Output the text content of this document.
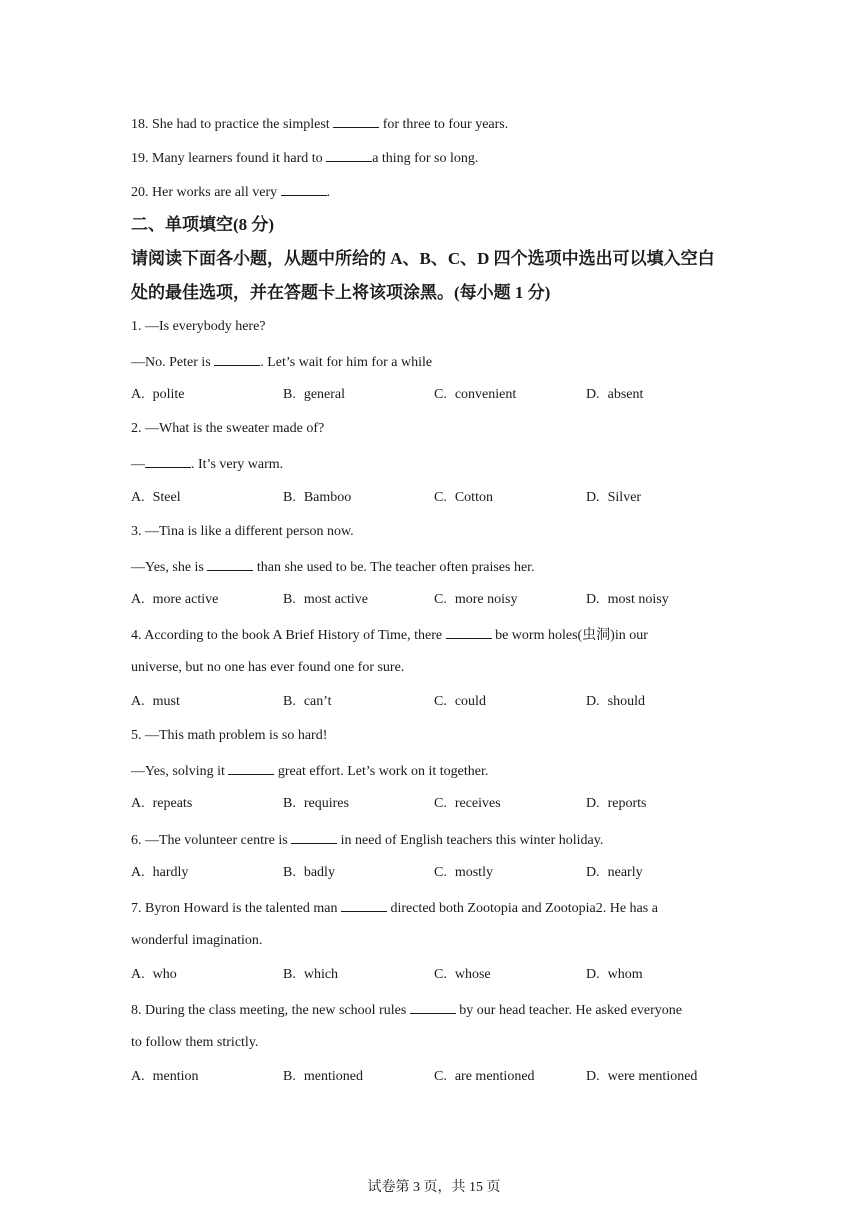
18. She had to practice the simplest	for three to four years.
19. Many learners found it hard to	a thing for so long.
20. Her works are all very	.
二、单项填空(8 分)
请阅读下面各小题，从题中所给的 A、B、C、D 四个选项中选出可以填入空白
处的最佳选项，并在答题卡上将该项涂黑。(每小题 1 分)
1. —Is everybody here?
—No. Peter is	. Let’s wait for him for a while
A. polite	B. general	C. convenient	D. absent
2. —What is the sweater made of?
—	. It’s very warm.
A. Steel	B. Bamboo	C. Cotton	D. Silver
3. —Tina is like a different person now.
—Yes, she is	than she used to be. The teacher often praises her.
A. more active	B. most active	C. more noisy	D. most noisy
4. According to the book A Brief History of Time, there	be worm holes(虫洞)in our
universe, but no one has ever found one for sure.
A. must	B. can’t	C. could	D. should
5. —This math problem is so hard!
—Yes, solving it	great effort. Let’s work on it together.
A. repeats	B. requires	C. receives	D. reports
6. —The volunteer centre is	in need of English teachers this winter holiday.
A. hardly	B. badly	C. mostly	D. nearly
7. Byron Howard is the talented man	directed both Zootopia and Zootopia2. He has a
wonderful imagination.
A. who	B. which	C. whose	D. whom
8. During the class meeting, the new school rules	by our head teacher. He asked everyone
to follow them strictly.
A. mention	B. mentioned	C. are mentioned	D. were mentioned
试卷第 3 页，共 15 页
